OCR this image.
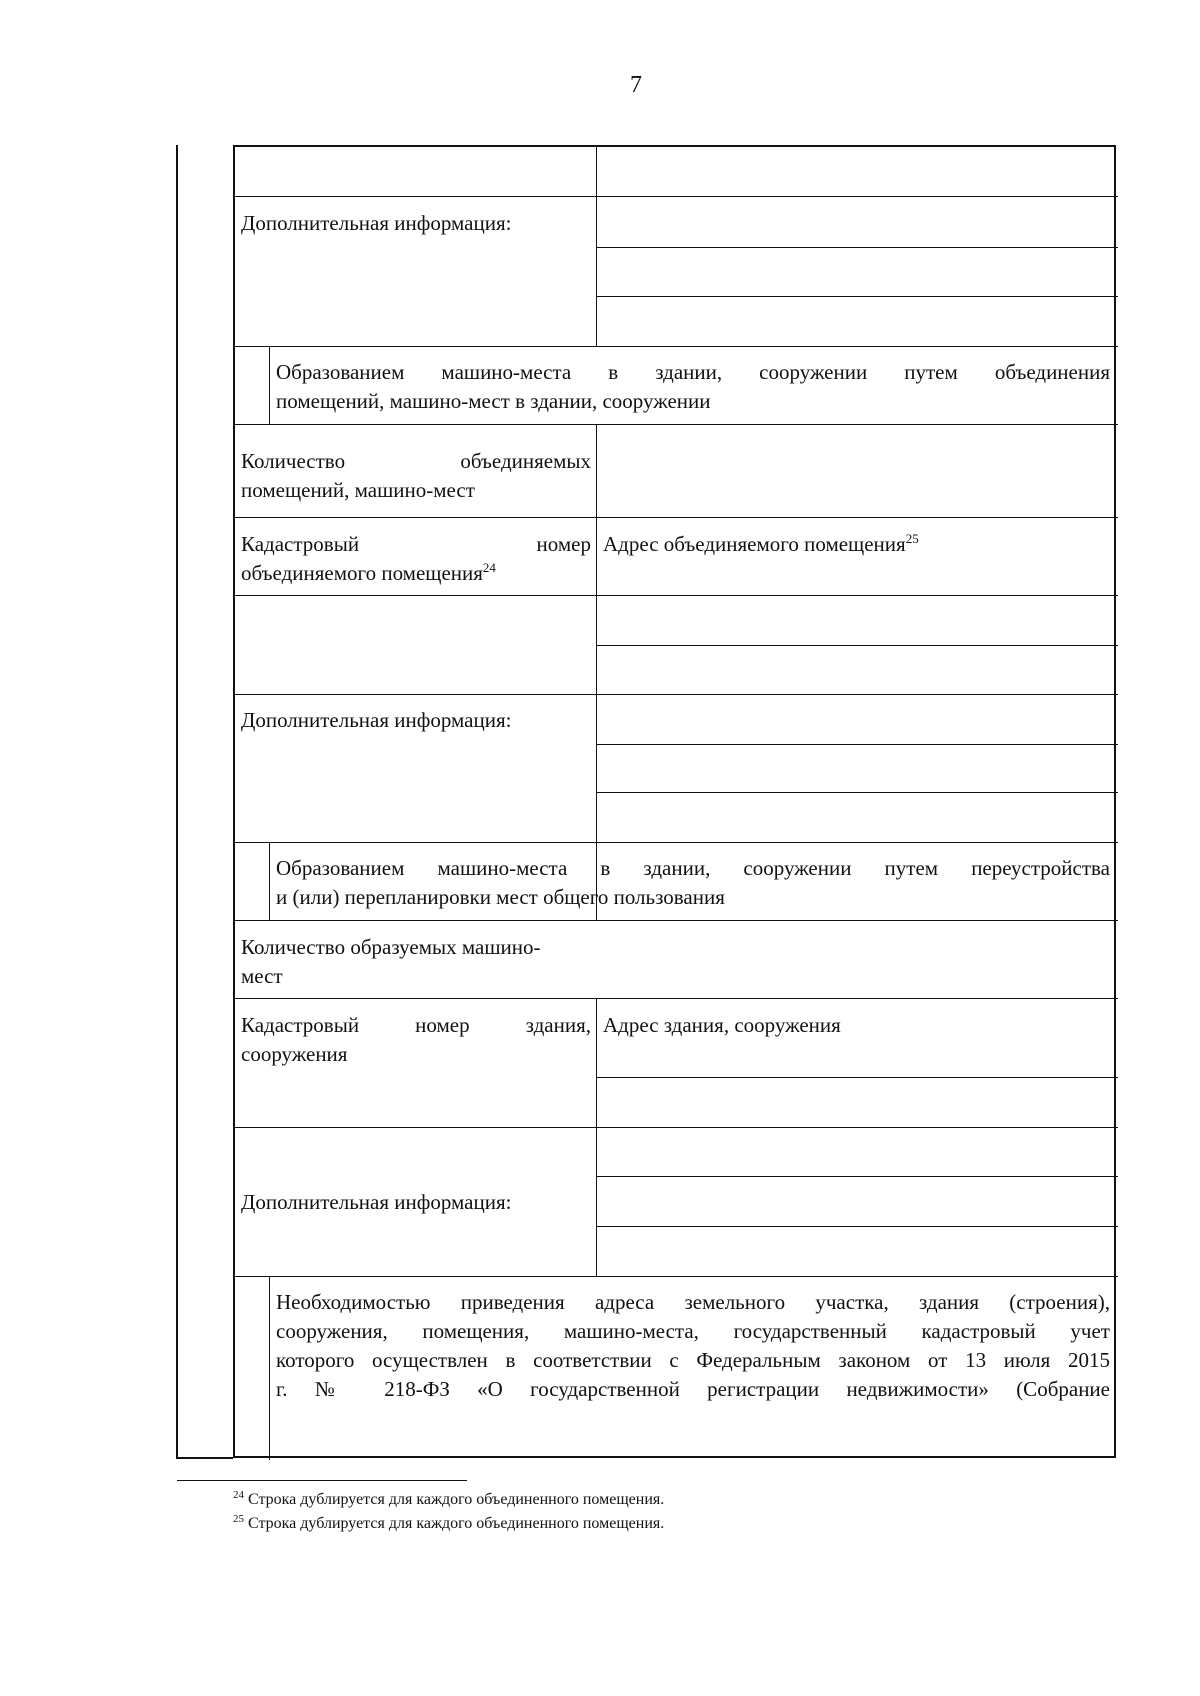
7
Дополнительная информация:
Образованием машино-места в здании, сооружении путем объединения
помещений, машино-мест в здании, сооружении
Количество объединяемых
помещений, машино-мест
Кадастровый номер
объединяемого помещения$^{24}$
Адрес объединяемого помещения$^{25}$
Дополнительная информация:
Образованием машино-места в здании, сооружении путем переустройства
и (или) перепланировки мест общего пользования
Количество образуемых машино-
мест
Кадастровый номер здания,
сооружения
Адрес здания, сооружения
Дополнительная информация:
Необходимостью приведения адреса земельного участка, здания (строения),
сооружения, помещения, машино-места, государственный кадастровый учет
которого осуществлен в соответствии с Федеральным законом от 13 июля 2015
г. № 218-ФЗ «О государственной регистрации недвижимости» (Собрание
$^{24}$ Строка дублируется для каждого объединенного помещения.
$^{25}$ Строка дублируется для каждого объединенного помещения.
